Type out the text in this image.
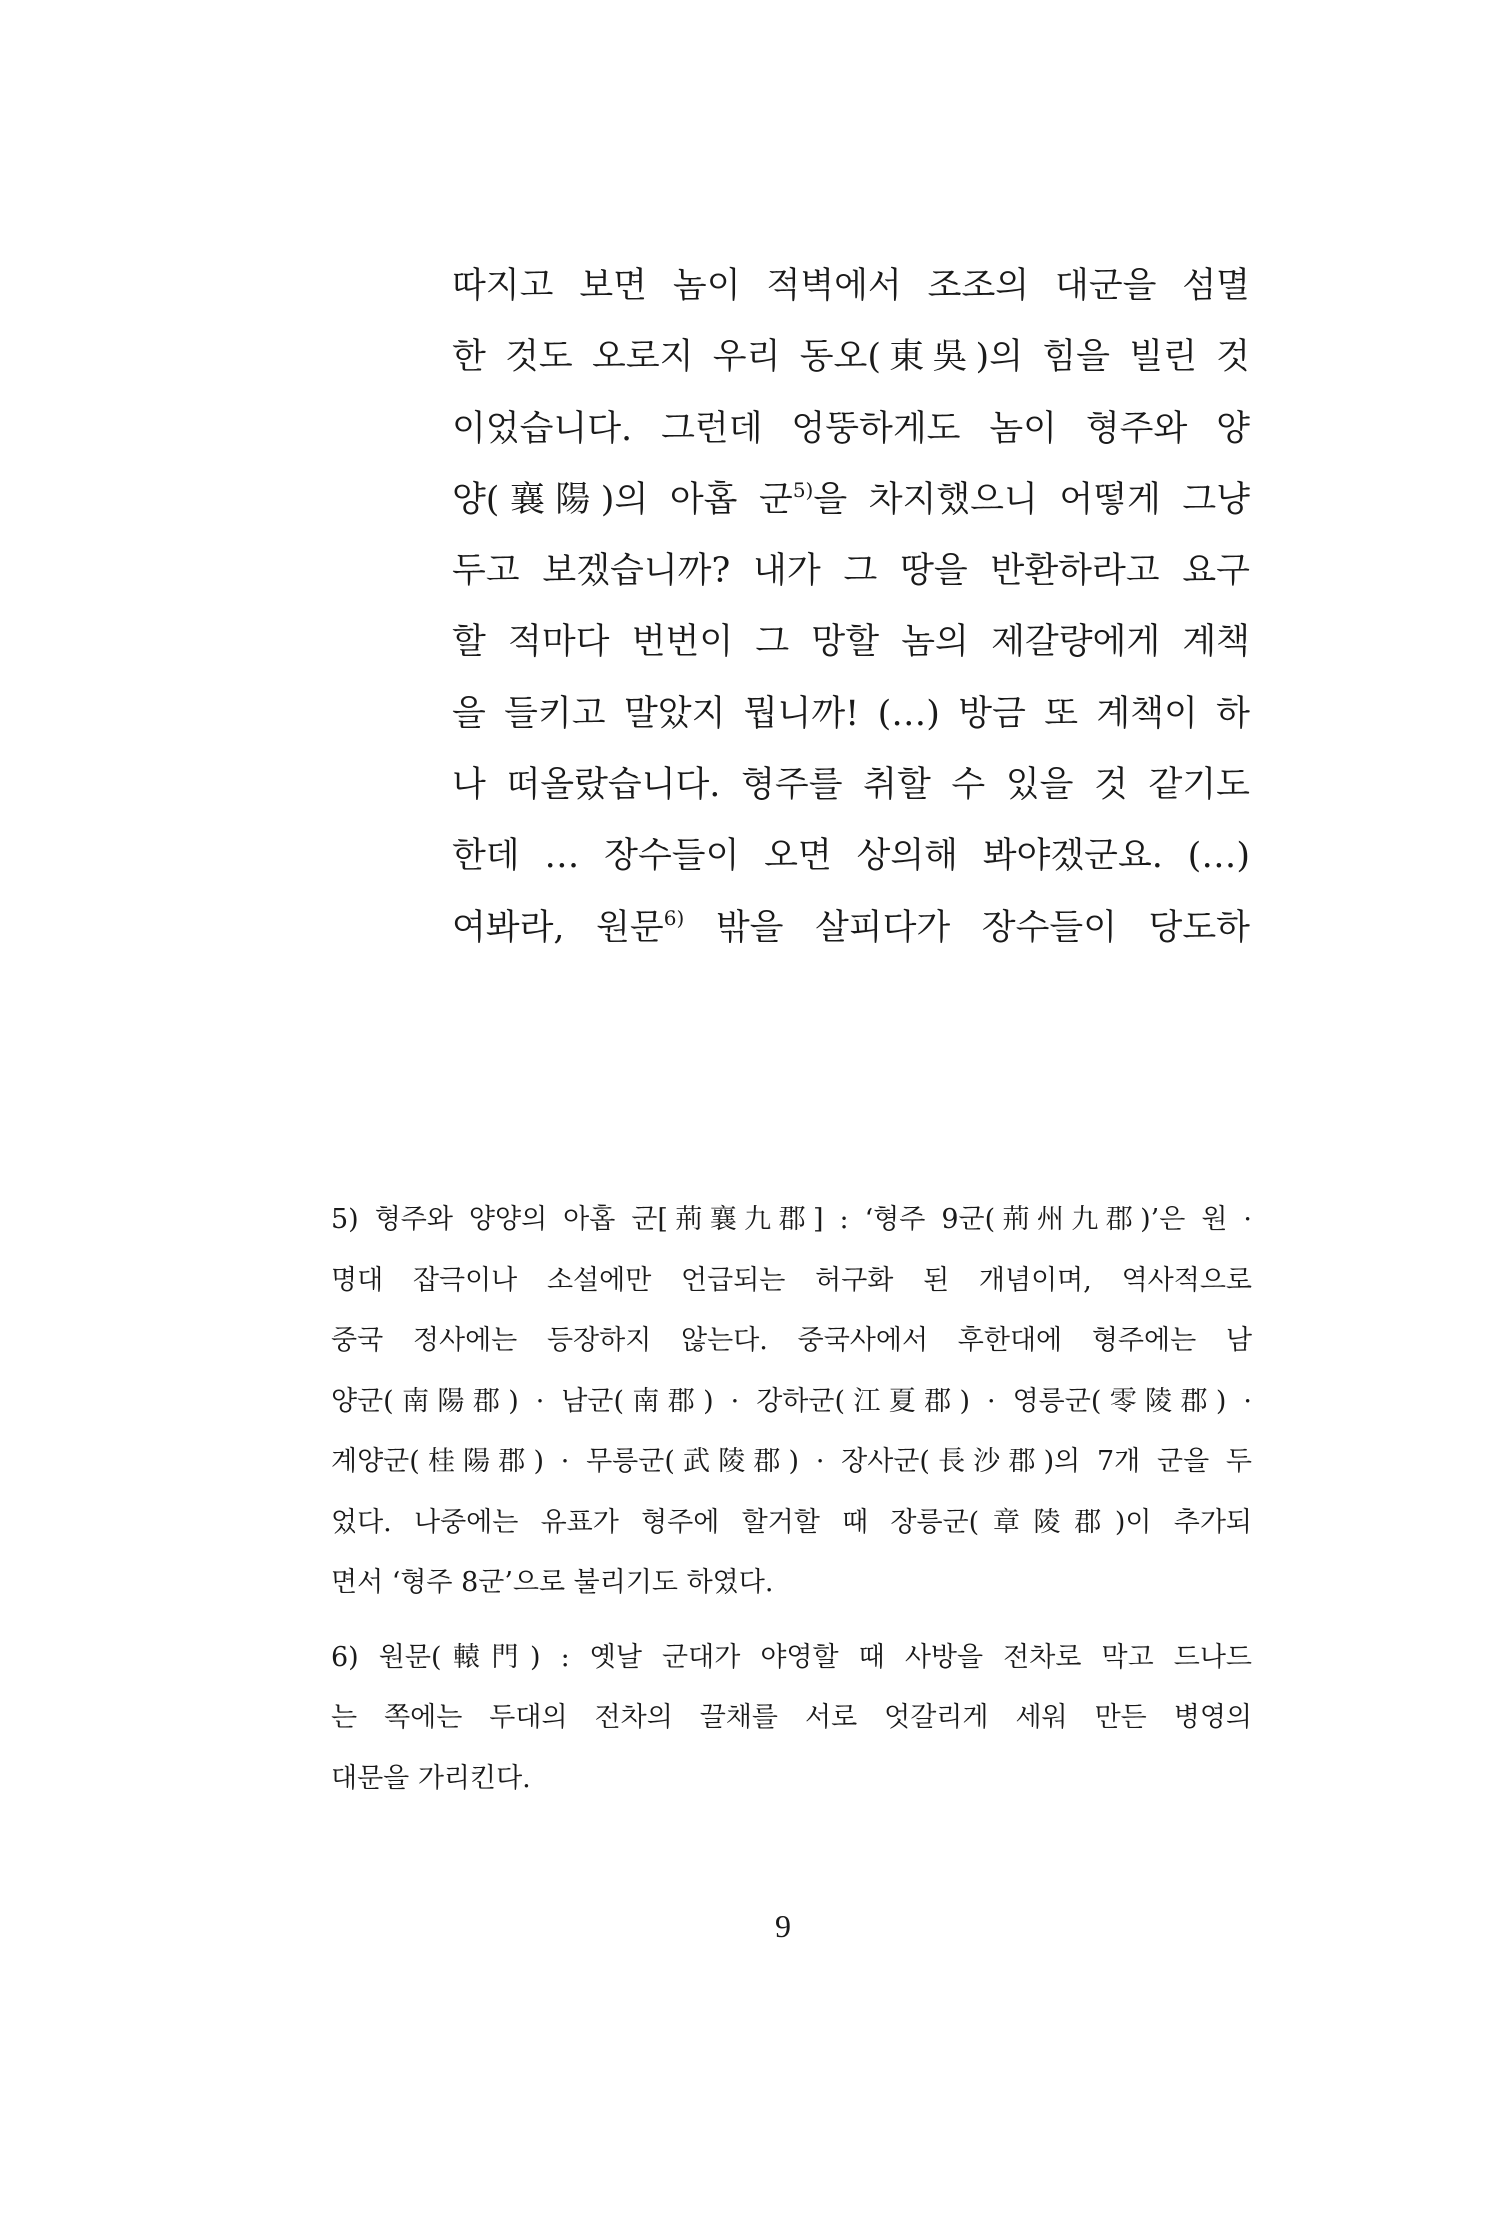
따지고 보면 놈이 적벽에서 조조의 대군을 섬멸
한 것도 오로지 우리 동오(東吳)의 힘을 빌린 것
이었습니다. 그런데 엉뚱하게도 놈이 형주와 양
양(襄陽)의 아홉 군$^{5)}$을 차지했으니 어떻게 그냥
두고 보겠습니까? 내가 그 땅을 반환하라고 요구
할 적마다 번번이 그 망할 놈의 제갈량에게 계책
을 들키고 말았지 뭡니까! (…) 방금 또 계책이 하
나 떠올랐습니다. 형주를 취할 수 있을 것 같기도
한데 … 장수들이 오면 상의해 봐야겠군요. (…)
여봐라, 원문$^{6)}$ 밖을 살피다가 장수들이 당도하
5) 형주와 양양의 아홉 군[荊襄九郡] : ‘형주 9군(荊州九郡)’은 원 ·
명대 잡극이나 소설에만 언급되는 허구화 된 개념이며, 역사적으로
중국 정사에는 등장하지 않는다. 중국사에서 후한대에 형주에는 남
양군(南陽郡) · 남군(南郡) · 강하군(江夏郡) · 영릉군(零陵郡) ·
계양군(桂陽郡) · 무릉군(武陵郡) · 장사군(長沙郡)의 7개 군을 두
었다. 나중에는 유표가 형주에 할거할 때 장릉군(章陵郡)이 추가되
면서 ‘형주 8군’으로 불리기도 하였다.
6) 원문(轅門) : 옛날 군대가 야영할 때 사방을 전차로 막고 드나드
는 쪽에는 두대의 전차의 끌채를 서로 엇갈리게 세워 만든 병영의
대문을 가리킨다.
9
